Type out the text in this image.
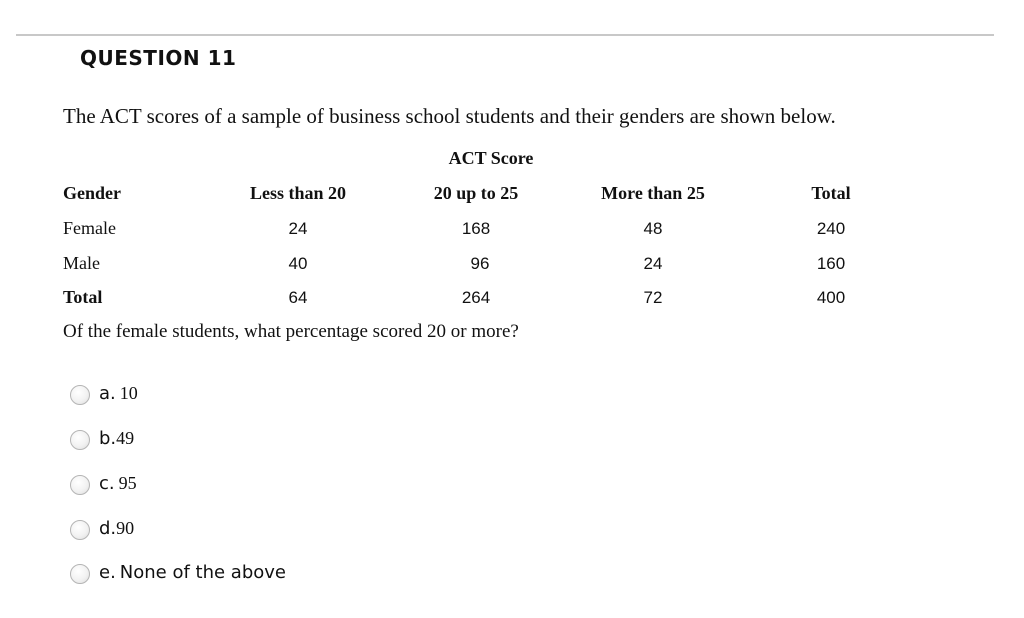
QUESTION 11
The ACT scores of a sample of business school students and their genders are shown below.
ACT Score
Gender	Less than 20	20 up to 25	More than 25	Total
Female	24	168	48	240
Male	40	96	24	160
Total	64	264	72	400
Of the female students, what percentage scored 20 or more?
a.
10
b. 49
c.
95
d. 90
e.
None of the above
